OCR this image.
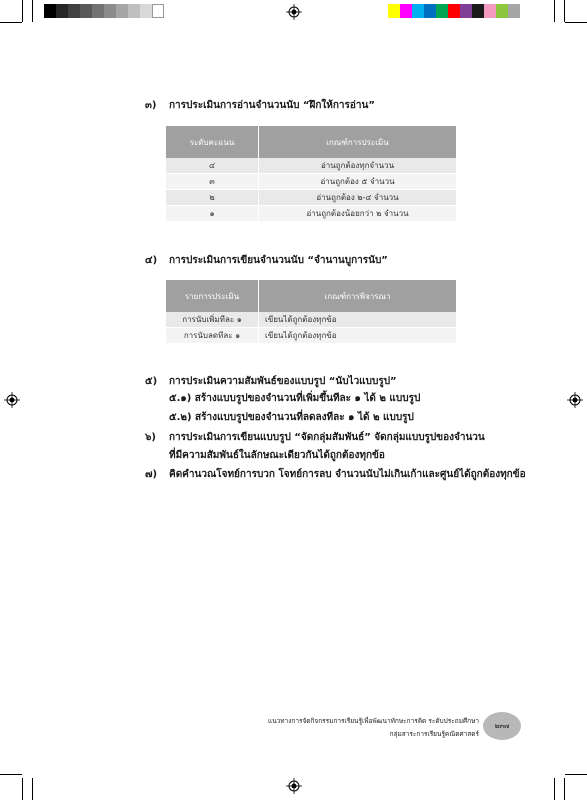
๓)	การประเมินการอ่านจำนวนนับ “ฝึกให้การอ่าน”
ระดับคะแนน	เกณฑ์การประเมิน
๔	อ่านถูกต้องทุกจำนวน
๓	อ่านถูกต้อง ๕ จำนวน
๒	อ่านถูกต้อง ๒-๔ จำนวน
๑	อ่านถูกต้องน้อยกว่า ๒ จำนวน
๔)	การประเมินการเขียนจำนวนนับ “จำนานบูการนับ”
รายการประเมิน	เกณฑ์การพิจารณา
การนับเพิ่มทีละ ๑	เขียนได้ถูกต้องทุกข้อ
การนับลดทีละ ๑	เขียนได้ถูกต้องทุกข้อ
๕)	การประเมินความสัมพันธ์ของแบบรูป “นับไวแบบรูป”
๕.๑) สร้างแบบรูปของจำนวนที่เพิ่มขึ้นทีละ ๑ ได้ ๒ แบบรูป
๕.๒) สร้างแบบรูปของจำนวนที่ลดลงทีละ ๑ ได้ ๒ แบบรูป
๖)	การประเมินการเขียนแบบรูป “จัดกลุ่มสัมพันธ์” จัดกลุ่มแบบรูปของจำนวน
ที่มีความสัมพันธ์ในลักษณะเดียวกันได้ถูกต้องทุกข้อ
๗)	คิดคำนวณโจทย์การบวก โจทย์การลบ จำนวนนับไม่เกินเก้าและศูนย์ได้ถูกต้องทุกข้อ
แนวทางการจัดกิจกรรมการเรียนรู้เพื่อพัฒนาทักษะการคิด ระดับประถมศึกษา
กลุ่มสาระการเรียนรู้คณิตศาสตร์
๒๓๗
